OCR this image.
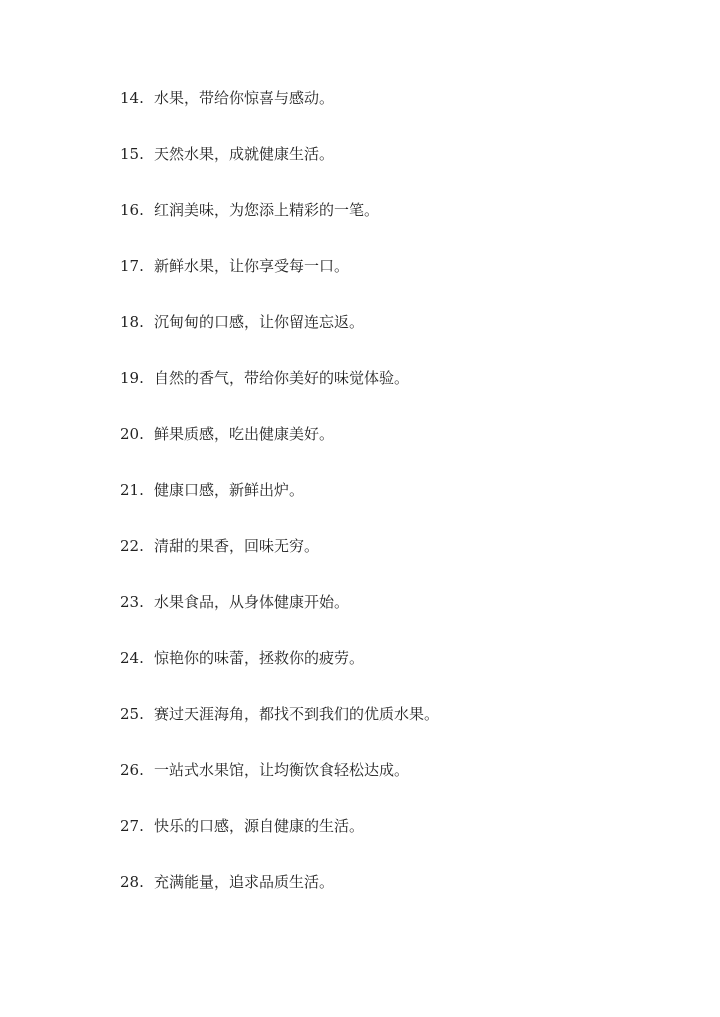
14. 水果，带给你惊喜与感动。
15. 天然水果，成就健康生活。
16. 红润美味，为您添上精彩的一笔。
17. 新鲜水果，让你享受每一口。
18. 沉甸甸的口感，让你留连忘返。
19. 自然的香气，带给你美好的味觉体验。
20. 鲜果质感，吃出健康美好。
21. 健康口感，新鲜出炉。
22. 清甜的果香，回味无穷。
23. 水果食品，从身体健康开始。
24. 惊艳你的味蕾，拯救你的疲劳。
25. 赛过天涯海角，都找不到我们的优质水果。
26. 一站式水果馆，让均衡饮食轻松达成。
27. 快乐的口感，源自健康的生活。
28. 充满能量，追求品质生活。
